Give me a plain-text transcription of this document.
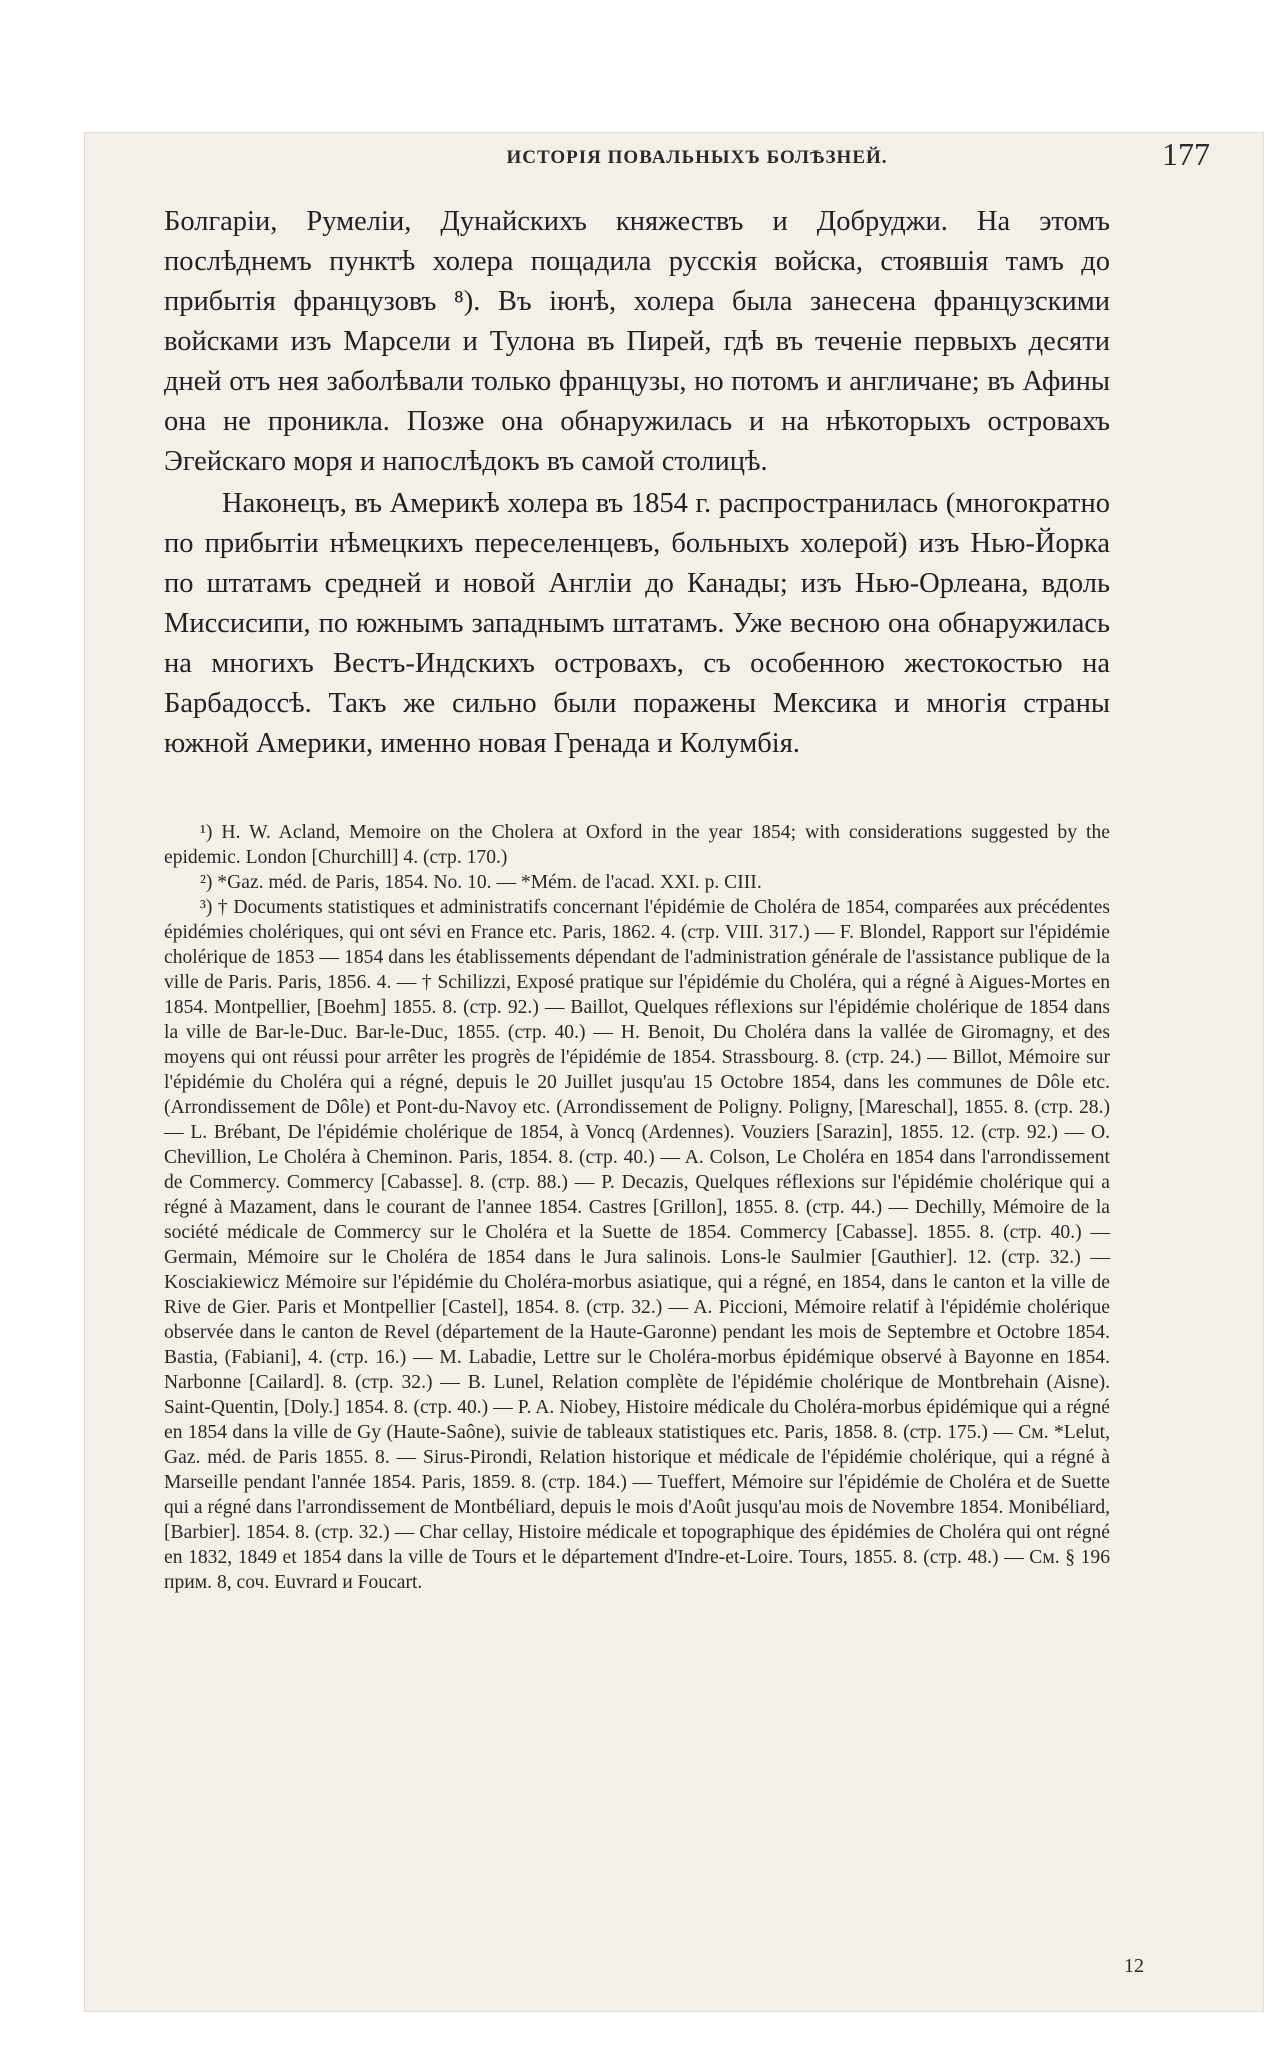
ИСТОРІЯ ПОВАЛЬНЫХЪ БОЛѢЗНЕЙ.	177

Болгаріи, Румеліи, Дунайскихъ княжествъ и Добруджи. На этомъ послѣднемъ пунктѣ холера пощадила русскія войска, стоявшія тамъ до прибытія французовъ ⁸). Въ іюнѣ, холера была занесена французскими войсками изъ Марсели и Тулона въ Пирей, гдѣ въ теченіе первыхъ десяти дней отъ нея заболѣвали только французы, но потомъ и англичане; въ Афины она не проникла. Позже она обнаружилась и на нѣкоторыхъ островахъ Эгейскаго моря и напослѣдокъ въ самой столицѣ.

Наконецъ, въ Америкѣ холера въ 1854 г. распространилась (многократно по прибытіи нѣмецкихъ переселенцевъ, больныхъ холерой) изъ Нью-Йорка по штатамъ средней и новой Англіи до Канады; изъ Нью-Орлеана, вдоль Миссисипи, по южнымъ западнымъ штатамъ. Уже весною она обнаружилась на многихъ Вестъ-Индскихъ островахъ, съ особенною жестокостью на Барбадоссѣ. Такъ же сильно были поражены Мексика и многія страны южной Америки, именно новая Гренада и Колумбія.

¹) H. W. Acland, Memoire on the Cholera at Oxford in the year 1854; with considerations suggested by the epidemic. London [Churchill] 4. (стр. 170.)

²) *Gaz. méd. de Paris, 1854. No. 10. — *Mém. de l'acad. XXI. p. CIII.

³) † Documents statistiques et administratifs concernant l'épidémie de Choléra de 1854, comparées aux précédentes épidémies cholériques, qui ont sévi en France etc. Paris, 1862. 4. (стр. VIII. 317.) — F. Blondel, Rapport sur l'épidémie cholérique de 1853 — 1854 dans les établissements dépendant de l'administration générale de l'assistance publique de la ville de Paris. Paris, 1856. 4. — † Schilizzi, Exposé pratique sur l'épidémie du Choléra, qui a régné à Aigues-Mortes en 1854. Montpellier, [Boehm] 1855. 8. (стр. 92.) — Baillot, Quelques réflexions sur l'épidémie cholérique de 1854 dans la ville de Bar-le-Duc. Bar-le-Duc, 1855. (стр. 40.) — H. Benoit, Du Choléra dans la vallée de Giromagny, et des moyens qui ont réussi pour arrêter les progrès de l'épidémie de 1854. Strassbourg. 8. (стр. 24.) — Billot, Mémoire sur l'épidémie du Choléra qui a régné, depuis le 20 Juillet jusqu'au 15 Octobre 1854, dans les communes de Dôle etc. (Arrondissement de Dôle) et Pont-du-Navoy etc. (Arrondissement de Poligny. Poligny, [Mareschal], 1855. 8. (стр. 28.) — L. Brébant, De l'épidémie cholérique de 1854, à Voncq (Ardennes). Vouziers [Sarazin], 1855. 12. (стр. 92.) — O. Chevillion, Le Choléra à Cheminon. Paris, 1854. 8. (стр. 40.) — A. Colson, Le Choléra en 1854 dans l'arrondissement de Commercy. Commercy [Cabasse]. 8. (стр. 88.) — P. Decazis, Quelques réflexions sur l'épidémie cholérique qui a régné à Mazament, dans le courant de l'annee 1854. Castres [Grillon], 1855. 8. (стр. 44.) — Dechilly, Mémoire de la société médicale de Commercy sur le Choléra et la Suette de 1854. Commercy [Cabasse]. 1855. 8. (стр. 40.) — Germain, Mémoire sur le Choléra de 1854 dans le Jura salinois. Lons-le Saulmier [Gauthier]. 12. (стр. 32.) — Kosciakiewicz Mémoire sur l'épidémie du Choléra-morbus asiatique, qui a régné, en 1854, dans le canton et la ville de Rive de Gier. Paris et Montpellier [Castel], 1854. 8. (стр. 32.) — A. Piccioni, Mémoire relatif à l'épidémie cholérique observée dans le canton de Revel (département de la Haute-Garonne) pendant les mois de Septembre et Octobre 1854. Bastia, (Fabiani], 4. (стр. 16.) — M. Labadie, Lettre sur le Choléra-morbus épidémique observé à Bayonne en 1854. Narbonne [Cailard]. 8. (стр. 32.) — B. Lunel, Relation complète de l'épidémie cholérique de Montbrehain (Aisne). Saint-Quentin, [Doly.] 1854. 8. (стр. 40.) — P. A. Niobey, Histoire médicale du Choléra-morbus épidémique qui a régné en 1854 dans la ville de Gy (Haute-Saône), suivie de tableaux statistiques etc. Paris, 1858. 8. (стр. 175.) — См. *Lelut, Gaz. méd. de Paris 1855. 8. — Sirus-Pirondi, Relation historique et médicale de l'épidémie cholérique, qui a régné à Marseille pendant l'année 1854. Paris, 1859. 8. (стр. 184.) — Tueffert, Mémoire sur l'épidémie de Choléra et de Suette qui a régné dans l'arrondissement de Montbéliard, depuis le mois d'Août jusqu'au mois de Novembre 1854. Monibéliard, [Barbier]. 1854. 8. (стр. 32.) — Char cellay, Histoire médicale et topographique des épidémies de Choléra qui ont régné en 1832, 1849 et 1854 dans la ville de Tours et le département d'Indre-et-Loire. Tours, 1855. 8. (стр. 48.) — См. § 196 прим. 8, соч. Euvrard и Foucart.

12
